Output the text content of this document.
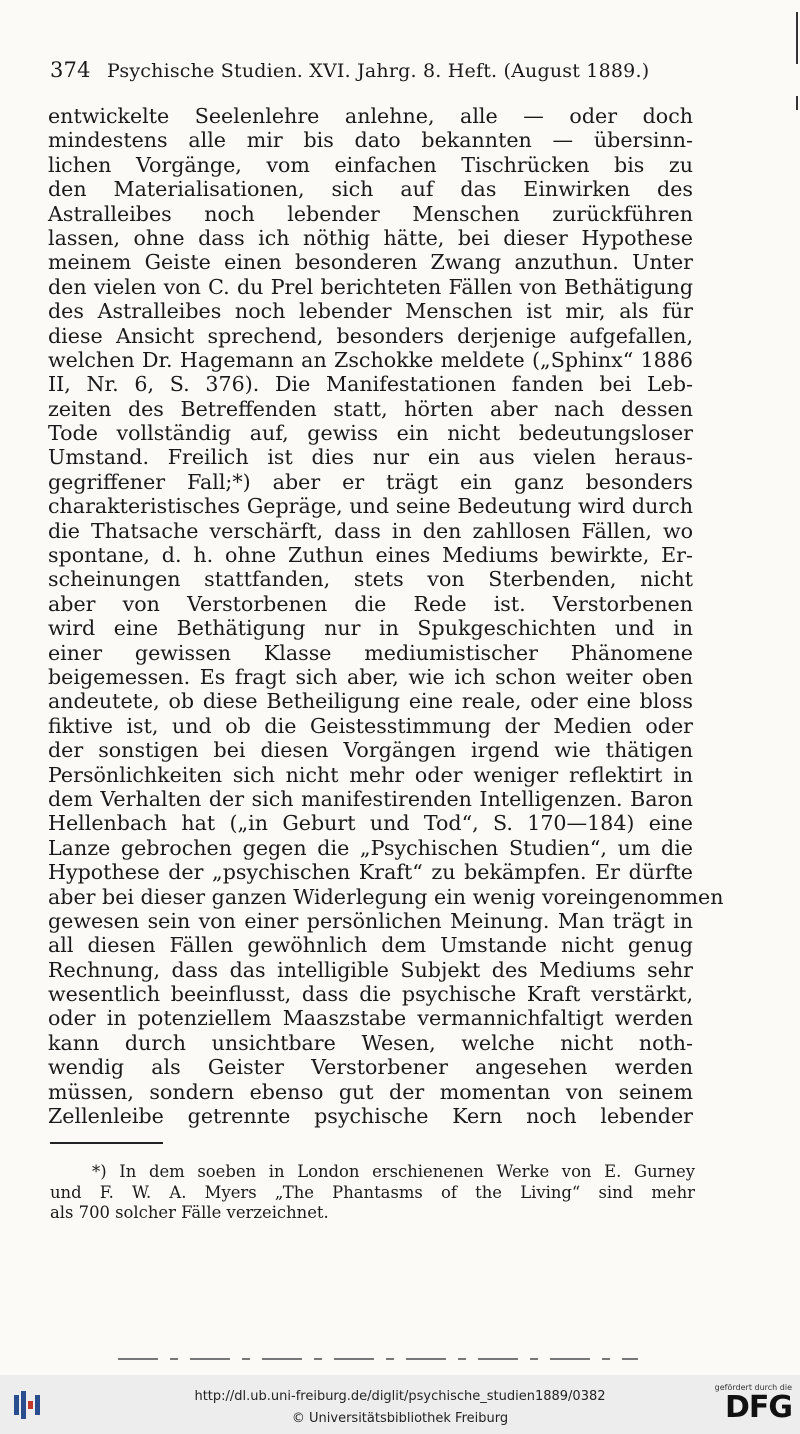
374 Psychische Studien. XVI. Jahrg. 8. Heft. (August 1889.)
entwickelte Seelenlehre anlehne, alle — oder doch
mindestens alle mir bis dato bekannten — übersinn-
lichen Vorgänge, vom einfachen Tischrücken bis zu
den Materialisationen, sich auf das Einwirken des
Astralleibes noch lebender Menschen zurückführen
lassen, ohne dass ich nöthig hätte, bei dieser Hypothese
meinem Geiste einen besonderen Zwang anzuthun. Unter
den vielen von C. du Prel berichteten Fällen von Bethätigung
des Astralleibes noch lebender Menschen ist mir, als für
diese Ansicht sprechend, besonders derjenige aufgefallen,
welchen Dr. Hagemann an Zschokke meldete („Sphinx“ 1886
II, Nr. 6, S. 376). Die Manifestationen fanden bei Leb-
zeiten des Betreffenden statt, hörten aber nach dessen
Tode vollständig auf, gewiss ein nicht bedeutungsloser
Umstand. Freilich ist dies nur ein aus vielen heraus-
gegriffener Fall;*) aber er trägt ein ganz besonders
charakteristisches Gepräge, und seine Bedeutung wird durch
die Thatsache verschärft, dass in den zahllosen Fällen, wo
spontane, d. h. ohne Zuthun eines Mediums bewirkte, Er-
scheinungen stattfanden, stets von Sterbenden, nicht
aber von Verstorbenen die Rede ist. Verstorbenen
wird eine Bethätigung nur in Spukgeschichten und in
einer gewissen Klasse mediumistischer Phänomene
beigemessen. Es fragt sich aber, wie ich schon weiter oben
andeutete, ob diese Betheiligung eine reale, oder eine bloss
fiktive ist, und ob die Geistesstimmung der Medien oder
der sonstigen bei diesen Vorgängen irgend wie thätigen
Persönlichkeiten sich nicht mehr oder weniger reflektirt in
dem Verhalten der sich manifestirenden Intelligenzen. Baron
Hellenbach hat („in Geburt und Tod“, S. 170—184) eine
Lanze gebrochen gegen die „Psychischen Studien“, um die
Hypothese der „psychischen Kraft“ zu bekämpfen. Er dürfte
aber bei dieser ganzen Widerlegung ein wenig voreingenommen
gewesen sein von einer persönlichen Meinung. Man trägt in
all diesen Fällen gewöhnlich dem Umstande nicht genug
Rechnung, dass das intelligible Subjekt des Mediums sehr
wesentlich beeinflusst, dass die psychische Kraft verstärkt,
oder in potenziellem Maaszstabe vermannichfaltigt werden
kann durch unsichtbare Wesen, welche nicht noth-
wendig als Geister Verstorbener angesehen werden
müssen, sondern ebenso gut der momentan von seinem
Zellenleibe getrennte psychische Kern noch lebender
*) In dem soeben in London erschienenen Werke von E. Gurney
und F. W. A. Myers „The Phantasms of the Living“ sind mehr
als 700 solcher Fälle verzeichnet.
http://dl.ub.uni-freiburg.de/diglit/psychische_studien1889/0382
© Universitätsbibliothek Freiburg
gefördert durch die
DFG
